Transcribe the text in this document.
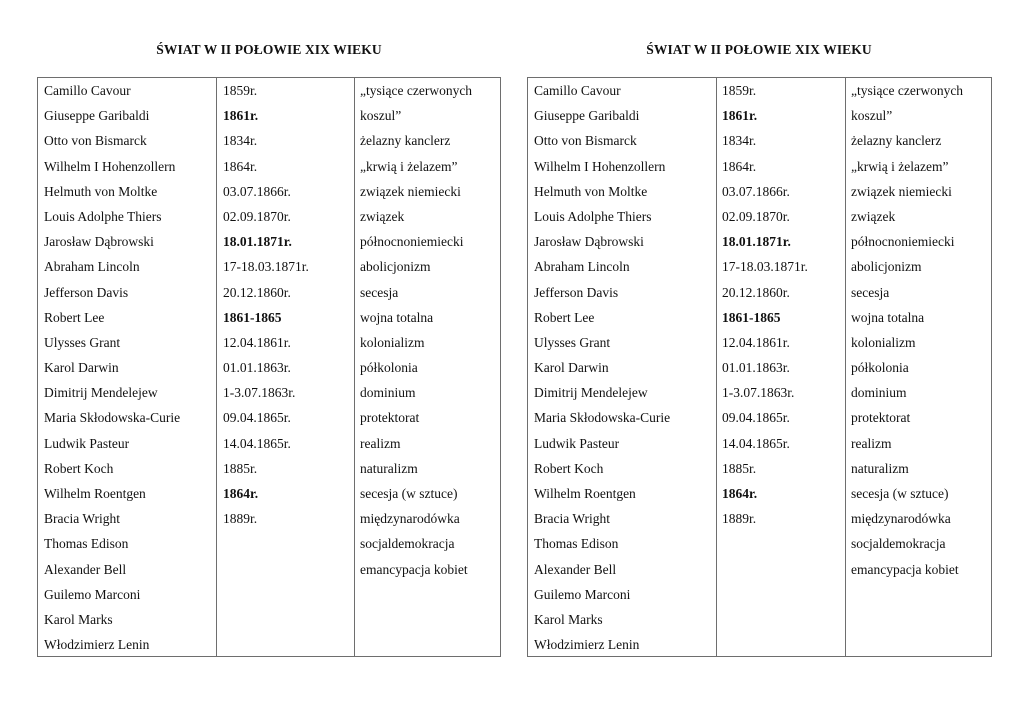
ŚWIAT W II POŁOWIE XIX WIEKU
Camillo Cavour
Giuseppe Garibaldi
Otto von Bismarck
Wilhelm I Hohenzollern
Helmuth von Moltke
Louis Adolphe Thiers
Jarosław Dąbrowski
Abraham Lincoln
Jefferson Davis
Robert Lee
Ulysses Grant
Karol Darwin
Dimitrij Mendelejew
Maria Skłodowska-Curie
Ludwik Pasteur
Robert Koch
Wilhelm Roentgen
Bracia Wright
Thomas Edison
Alexander Bell
Guilemo Marconi
Karol Marks
Włodzimierz Lenin
1859r.
1861r.
1834r.
1864r.
03.07.1866r.
02.09.1870r.
18.01.1871r.
17-18.03.1871r.
20.12.1860r.
1861-1865
12.04.1861r.
01.01.1863r.
1-3.07.1863r.
09.04.1865r.
14.04.1865r.
1885r.
1864r.
1889r.
„tysiące czerwonych
koszul”
żelazny kanclerz
„krwią i żelazem”
związek niemiecki
związek
północnoniemiecki
abolicjonizm
secesja
wojna totalna
kolonializm
półkolonia
dominium
protektorat
realizm
naturalizm
secesja (w sztuce)
międzynarodówka
socjaldemokracja
emancypacja kobiet
ŚWIAT W II POŁOWIE XIX WIEKU
Camillo Cavour
Giuseppe Garibaldi
Otto von Bismarck
Wilhelm I Hohenzollern
Helmuth von Moltke
Louis Adolphe Thiers
Jarosław Dąbrowski
Abraham Lincoln
Jefferson Davis
Robert Lee
Ulysses Grant
Karol Darwin
Dimitrij Mendelejew
Maria Skłodowska-Curie
Ludwik Pasteur
Robert Koch
Wilhelm Roentgen
Bracia Wright
Thomas Edison
Alexander Bell
Guilemo Marconi
Karol Marks
Włodzimierz Lenin
1859r.
1861r.
1834r.
1864r.
03.07.1866r.
02.09.1870r.
18.01.1871r.
17-18.03.1871r.
20.12.1860r.
1861-1865
12.04.1861r.
01.01.1863r.
1-3.07.1863r.
09.04.1865r.
14.04.1865r.
1885r.
1864r.
1889r.
„tysiące czerwonych
koszul”
żelazny kanclerz
„krwią i żelazem”
związek niemiecki
związek
północnoniemiecki
abolicjonizm
secesja
wojna totalna
kolonializm
półkolonia
dominium
protektorat
realizm
naturalizm
secesja (w sztuce)
międzynarodówka
socjaldemokracja
emancypacja kobiet
